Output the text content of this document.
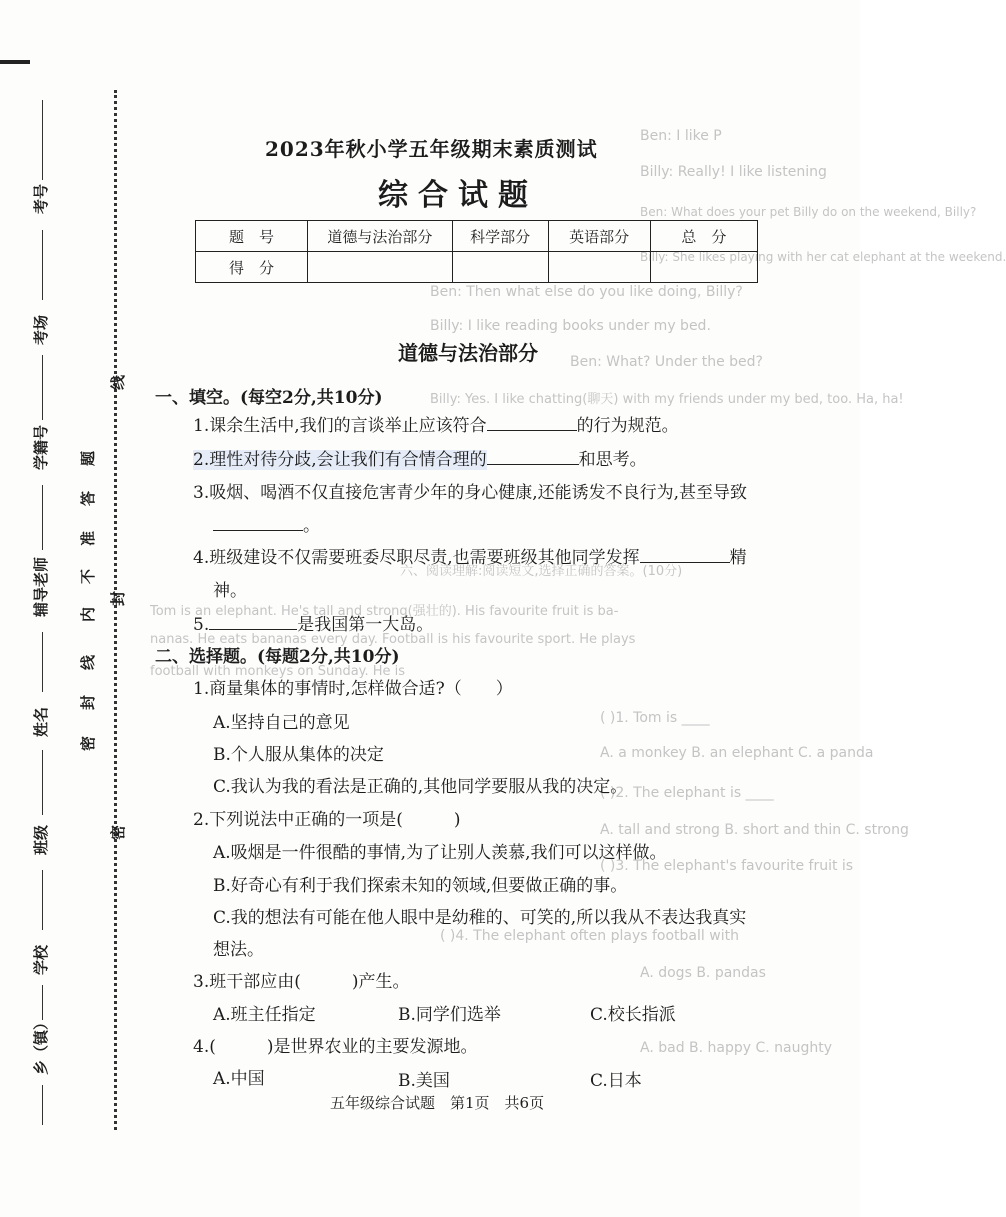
Ben: I like P
Billy: Really! I like listening
Ben: What does your pet Billy do on the weekend, Billy?
Billy: She likes playing with her cat elephant at the weekend.
Ben: Then what else do you like doing, Billy?
Billy: I like reading books under my bed.
Ben: What? Under the bed?
Billy: Yes. I like chatting(聊天) with my friends under my bed, too. Ha, ha!
六、阅读理解:阅读短文,选择正确的答案。(10分)
Tom is an elephant. He's tall and strong(强壮的). His favourite fruit is ba-
nanas. He eats bananas every day. Football is his favourite sport. He plays
football with monkeys on Sunday. He is
( )1. Tom is ____
A. a monkey B. an elephant C. a panda
( )2. The elephant is ____
A. tall and strong B. short and thin C. strong
( )3. The elephant's favourite fruit is
( )4. The elephant often plays football with
A. dogs B. pandas
A. bad B. happy C. naughty
考号
考场
学籍号
辅导老师
姓名
班级
学校
乡（镇）
题
答
准
不
内
线
封
密
线
封
密
2023年秋小学五年级期末素质测试
综合试题
题　号	道德与法治部分	科学部分	英语部分	总　分
得　分				
道德与法治部分
一、填空。(每空2分,共10分)
1.课余生活中,我们的言谈举止应该符合	的行为规范。
2.理性对待分歧,会让我们有合情合理的	和思考。
3.吸烟、喝酒不仅直接危害青少年的身心健康,还能诱发不良行为,甚至导致
。
4.班级建设不仅需要班委尽职尽责,也需要班级其他同学发挥	精
神。
5.	是我国第一大岛。
二、选择题。(每题2分,共10分)
1.商量集体的事情时,怎样做合适?（　　）
A.坚持自己的意见
B.个人服从集体的决定
C.我认为我的看法是正确的,其他同学要服从我的决定。
2.下列说法中正确的一项是(　　　)
A.吸烟是一件很酷的事情,为了让别人羡慕,我们可以这样做。
B.好奇心有利于我们探索未知的领域,但要做正确的事。
C.我的想法有可能在他人眼中是幼稚的、可笑的,所以我从不表达我真实
想法。
3.班干部应由(　　　)产生。
A.班主任指定	B.同学们选举	C.校长指派
4.(　　　)是世界农业的主要发源地。
A.中国	B.美国	C.日本
五年级综合试题　第1页　共6页
